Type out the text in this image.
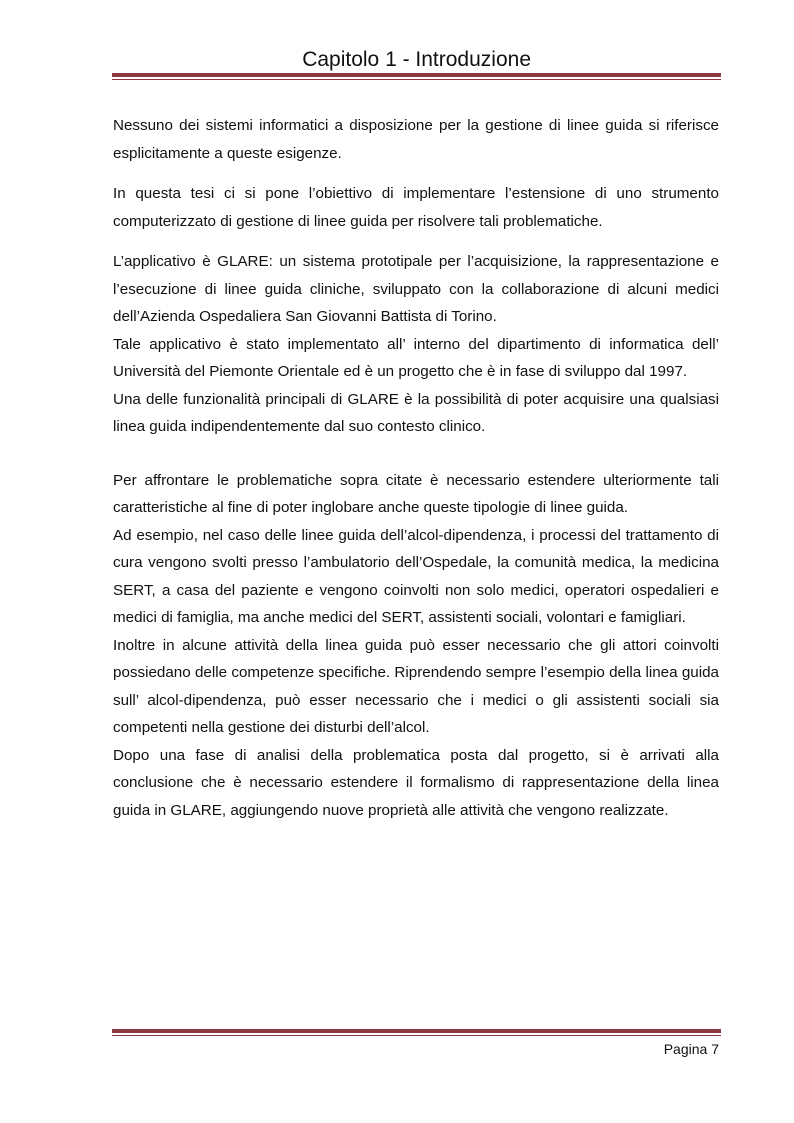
Capitolo 1 - Introduzione

Nessuno dei sistemi informatici a disposizione per la gestione di linee guida si riferisce esplicitamente a queste esigenze.

In questa tesi ci si pone l’obiettivo di implementare l’estensione di uno strumento computerizzato di gestione di linee guida per risolvere tali problematiche.

L’applicativo è GLARE: un sistema prototipale per l’acquisizione, la rappresentazione e l’esecuzione di linee guida cliniche, sviluppato con la collaborazione di alcuni medici dell’Azienda Ospedaliera San Giovanni Battista di Torino.

Tale applicativo è stato implementato all’ interno del dipartimento di informatica dell’ Università del Piemonte Orientale ed è un progetto che è in fase di sviluppo dal 1997.

Una delle funzionalità principali di GLARE è la possibilità di poter acquisire una qualsiasi linea guida indipendentemente dal suo contesto clinico.

Per affrontare le problematiche sopra citate è necessario estendere ulteriormente tali caratteristiche al fine di poter inglobare anche queste tipologie di linee guida.

Ad esempio, nel caso delle linee guida dell’alcol-dipendenza, i processi del trattamento di cura vengono svolti presso l’ambulatorio dell’Ospedale, la comunità medica, la medicina SERT, a casa del paziente e vengono coinvolti non solo medici, operatori ospedalieri e medici di famiglia, ma anche medici del SERT, assistenti sociali, volontari e famigliari.

Inoltre in alcune attività della linea guida può esser necessario che gli attori coinvolti possiedano delle competenze specifiche. Riprendendo sempre l’esempio della linea guida sull’ alcol-dipendenza, può esser necessario che i medici o gli assistenti sociali sia competenti nella gestione dei disturbi dell’alcol.

Dopo una fase di analisi della problematica posta dal progetto, si è arrivati alla conclusione che è necessario estendere il formalismo di rappresentazione della linea guida in GLARE, aggiungendo nuove proprietà alle attività che vengono realizzate.

Pagina 7
